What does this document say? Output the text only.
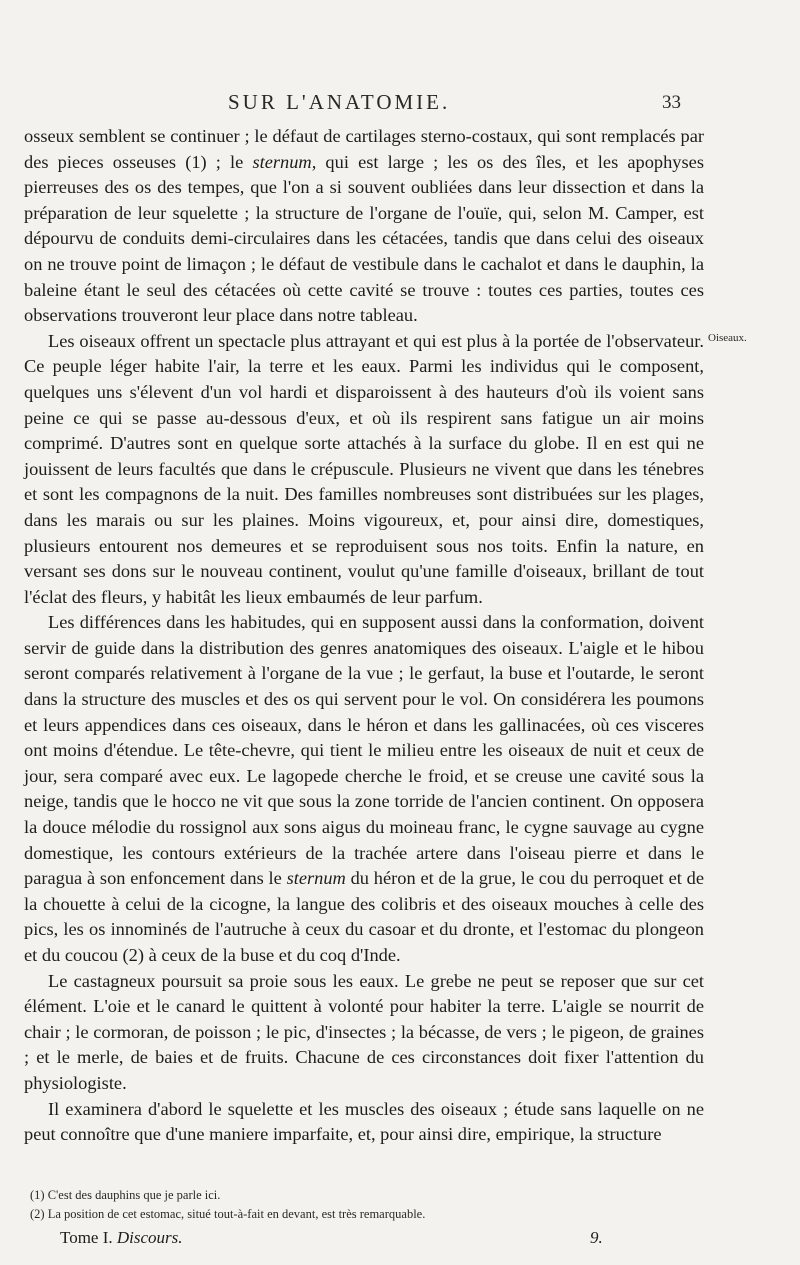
SUR L'ANATOMIE.	33

osseux semblent se continuer ; le défaut de cartilages sterno-costaux, qui sont remplacés par des pieces osseuses (1) ; le sternum, qui est large ; les os des îles, et les apophyses pierreuses des os des tempes, que l'on a si souvent oubliées dans leur dissection et dans la préparation de leur squelette ; la structure de l'organe de l'ouïe, qui, selon M. Camper, est dépourvu de conduits demi-circulaires dans les cétacées, tandis que dans celui des oiseaux on ne trouve point de limaçon ; le défaut de vestibule dans le cachalot et dans le dauphin, la baleine étant le seul des cétacées où cette cavité se trouve : toutes ces parties, toutes ces observations trouveront leur place dans notre tableau.

Les oiseaux offrent un spectacle plus attrayant et qui est plus à la portée de l'observateur. Ce peuple léger habite l'air, la terre et les eaux. Parmi les individus qui le composent, quelques uns s'élevent d'un vol hardi et disparoissent à des hauteurs d'où ils voient sans peine ce qui se passe au-dessous d'eux, et où ils respirent sans fatigue un air moins comprimé. D'autres sont en quelque sorte attachés à la surface du globe. Il en est qui ne jouissent de leurs facultés que dans le crépuscule. Plusieurs ne vivent que dans les ténebres et sont les compagnons de la nuit. Des familles nombreuses sont distribuées sur les plages, dans les marais ou sur les plaines. Moins vigoureux, et, pour ainsi dire, domestiques, plusieurs entourent nos demeures et se reproduisent sous nos toits. Enfin la nature, en versant ses dons sur le nouveau continent, voulut qu'une famille d'oiseaux, brillant de tout l'éclat des fleurs, y habitât les lieux embaumés de leur parfum.

Les différences dans les habitudes, qui en supposent aussi dans la conformation, doivent servir de guide dans la distribution des genres anatomiques des oiseaux. L'aigle et le hibou seront comparés relativement à l'organe de la vue ; le gerfaut, la buse et l'outarde, le seront dans la structure des muscles et des os qui servent pour le vol. On considérera les poumons et leurs appendices dans ces oiseaux, dans le héron et dans les gallinacées, où ces visceres ont moins d'étendue. Le tête-chevre, qui tient le milieu entre les oiseaux de nuit et ceux de jour, sera comparé avec eux. Le lagopede cherche le froid, et se creuse une cavité sous la neige, tandis que le hocco ne vit que sous la zone torride de l'ancien continent. On opposera la douce mélodie du rossignol aux sons aigus du moineau franc, le cygne sauvage au cygne domestique, les contours extérieurs de la trachée artere dans l'oiseau pierre et dans le paragua à son enfoncement dans le sternum du héron et de la grue, le cou du perroquet et de la chouette à celui de la cicogne, la langue des colibris et des oiseaux mouches à celle des pics, les os innominés de l'autruche à ceux du casoar et du dronte, et l'estomac du plongeon et du coucou (2) à ceux de la buse et du coq d'Inde.

Le castagneux poursuit sa proie sous les eaux. Le grebe ne peut se reposer que sur cet élément. L'oie et le canard le quittent à volonté pour habiter la terre. L'aigle se nourrit de chair ; le cormoran, de poisson ; le pic, d'insectes ; la bécasse, de vers ; le pigeon, de graines ; et le merle, de baies et de fruits. Chacune de ces circonstances doit fixer l'attention du physiologiste.

Il examinera d'abord le squelette et les muscles des oiseaux ; étude sans laquelle on ne peut connoître que d'une maniere imparfaite, et, pour ainsi dire, empirique, la structure

Oiseaux.
(1) C'est des dauphins que je parle ici.
(2) La position de cet estomac, situé tout-à-fait en devant, est très remarquable.
Tome I. Discours.	9.
